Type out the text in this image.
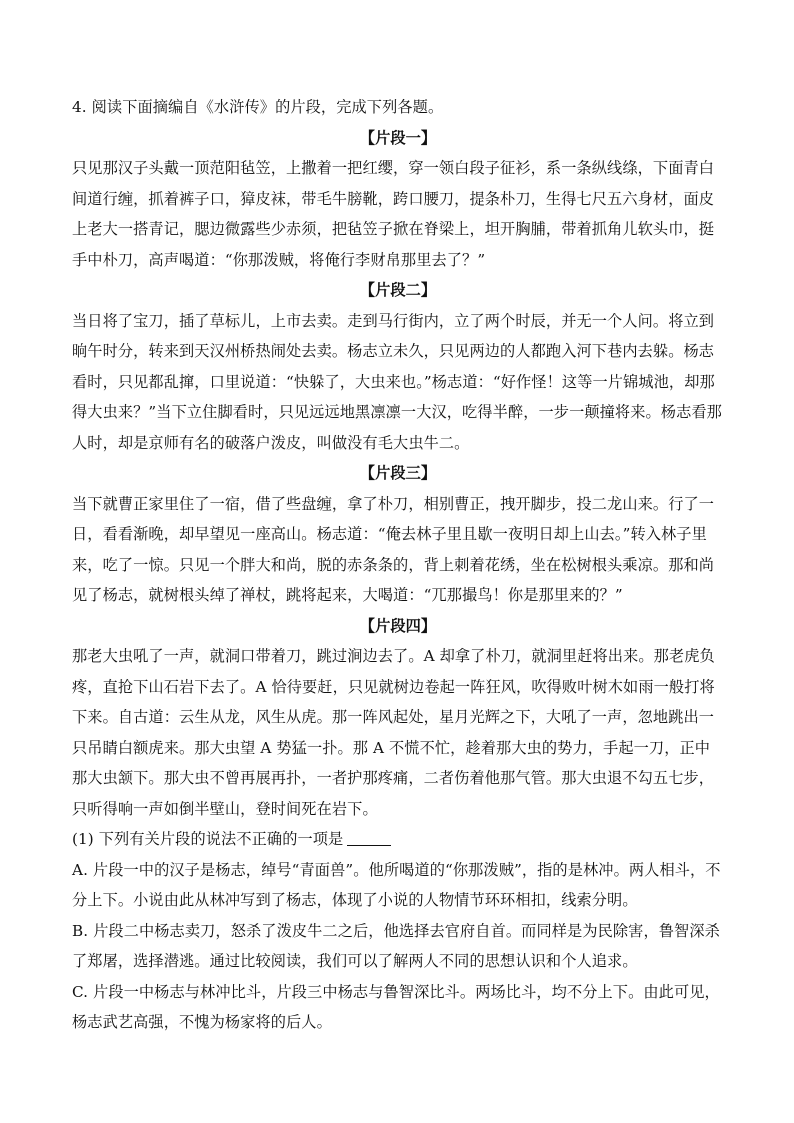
4. 阅读下面摘编自《水浒传》的片段，完成下列各题。

【片段一】

只见那汉子头戴一顶范阳毡笠，上撒着一把红缨，穿一领白段子征衫，系一条纵线绦，下面青白间道行缠，抓着裤子口，獐皮袜，带毛牛膀靴，跨口腰刀，提条朴刀，生得七尺五六身材，面皮上老大一搭青记，腮边微露些少赤须，把毡笠子掀在脊梁上，坦开胸脯，带着抓角儿软头巾，挺手中朴刀，高声喝道：“你那泼贼，将俺行李财帛那里去了？”

【片段二】

当日将了宝刀，插了草标儿，上市去卖。走到马行街内，立了两个时辰，并无一个人问。将立到晌午时分，转来到天汉州桥热闹处去卖。杨志立未久，只见两边的人都跑入河下巷内去躲。杨志看时，只见都乱撺，口里说道：“快躲了，大虫来也。”杨志道：“好作怪！这等一片锦城池，却那得大虫来？”当下立住脚看时，只见远远地黑凛凛一大汉，吃得半醉，一步一颠撞将来。杨志看那人时，却是京师有名的破落户泼皮，叫做没有毛大虫牛二。

【片段三】

当下就曹正家里住了一宿，借了些盘缠，拿了朴刀，相别曹正，拽开脚步，投二龙山来。行了一日，看看渐晚，却早望见一座高山。杨志道：“俺去林子里且歇一夜明日却上山去。”转入林子里来，吃了一惊。只见一个胖大和尚，脱的赤条条的，背上刺着花绣，坐在松树根头乘凉。那和尚见了杨志，就树根头绰了禅杖，跳将起来，大喝道：“兀那撮鸟！你是那里来的？”

【片段四】

那老大虫吼了一声，就洞口带着刀，跳过涧边去了。A 却拿了朴刀，就洞里赶将出来。那老虎负疼，直抢下山石岩下去了。A 恰待要赶，只见就树边卷起一阵狂风，吹得败叶树木如雨一般打将下来。自古道：云生从龙，风生从虎。那一阵风起处，星月光辉之下，大吼了一声，忽地跳出一只吊睛白额虎来。那大虫望 A 势猛一扑。那 A 不慌不忙，趁着那大虫的势力，手起一刀，正中那大虫颔下。那大虫不曾再展再扑，一者护那疼痛，二者伤着他那气管。那大虫退不勾五七步，只听得响一声如倒半壁山，登时间死在岩下。

(1) 下列有关片段的说法不正确的一项是

A. 片段一中的汉子是杨志，绰号“青面兽”。他所喝道的“你那泼贼”，指的是林冲。两人相斗，不分上下。小说由此从林冲写到了杨志，体现了小说的人物情节环环相扣，线索分明。

B. 片段二中杨志卖刀，怒杀了泼皮牛二之后，他选择去官府自首。而同样是为民除害，鲁智深杀了郑屠，选择潜逃。通过比较阅读，我们可以了解两人不同的思想认识和个人追求。

C. 片段一中杨志与林冲比斗，片段三中杨志与鲁智深比斗。两场比斗，均不分上下。由此可见，杨志武艺高强，不愧为杨家将的后人。
